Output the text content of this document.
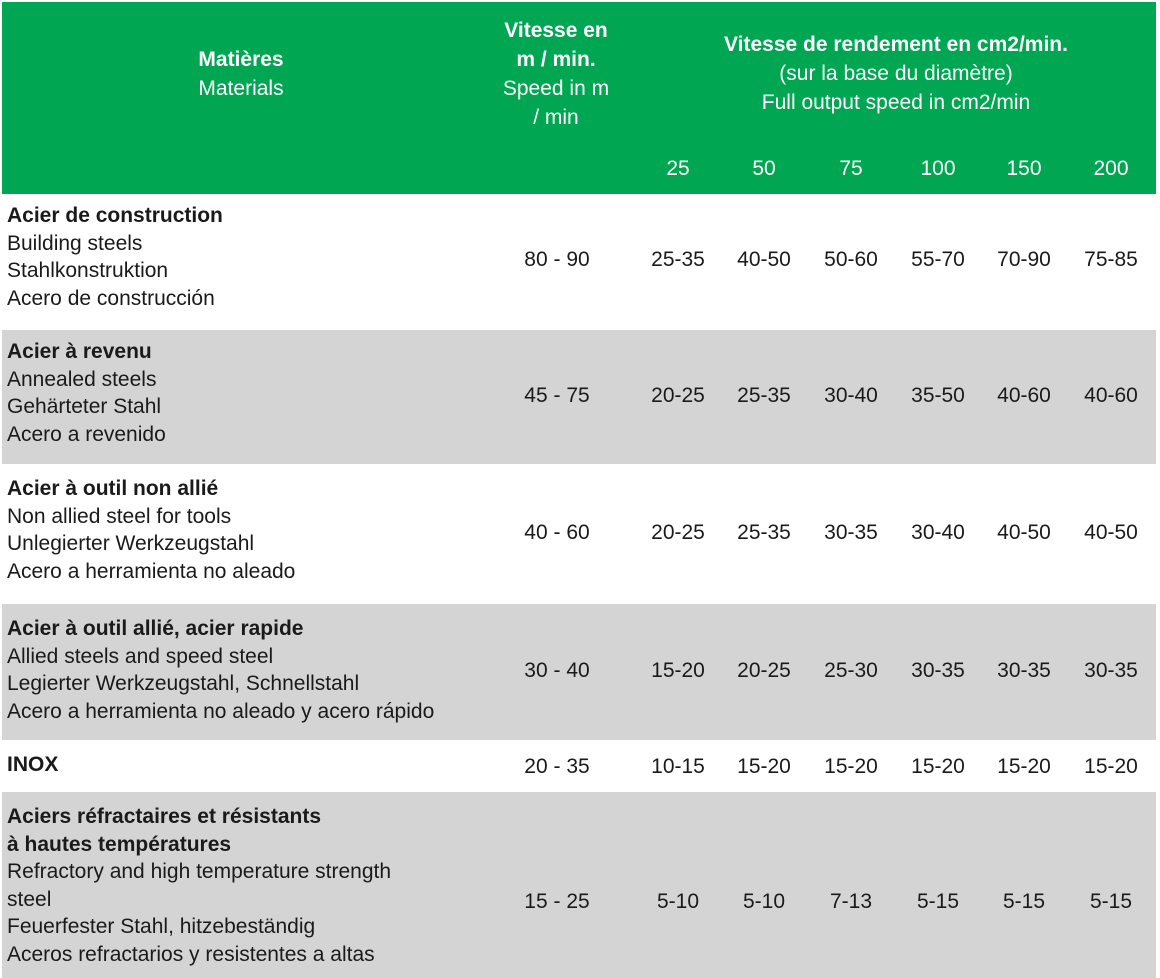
Matières
Materials
Vitesse en
m / min.
Speed in m
/ min
Vitesse de rendement en cm2/min.
(sur la base du diamètre)
Full output speed in cm2/min
25	50	75	100	150	200
Acier de construction
Building steels
Stahlkonstruktion
Acero de construcción
80 - 90	25-35	40-50	50-60	55-70	70-90	75-85
Acier à revenu
Annealed steels
Gehärteter Stahl
Acero a revenido
45 - 75	20-25	25-35	30-40	35-50	40-60	40-60
Acier à outil non allié
Non allied steel for tools
Unlegierter Werkzeugstahl
Acero a herramienta no aleado
40 - 60	20-25	25-35	30-35	30-40	40-50	40-50
Acier à outil allié, acier rapide
Allied steels and speed steel
Legierter Werkzeugstahl, Schnellstahl
Acero a herramienta no aleado y acero rápido
30 - 40	15-20	20-25	25-30	30-35	30-35	30-35
INOX	20 - 35	10-15	15-20	15-20	15-20	15-20	15-20
Aciers réfractaires et résistants
à hautes températures
Refractory and high temperature strength
steel
Feuerfester Stahl, hitzebeständig
Aceros refractarios y resistentes a altas
15 - 25	5-10	5-10	7-13	5-15	5-15	5-15
